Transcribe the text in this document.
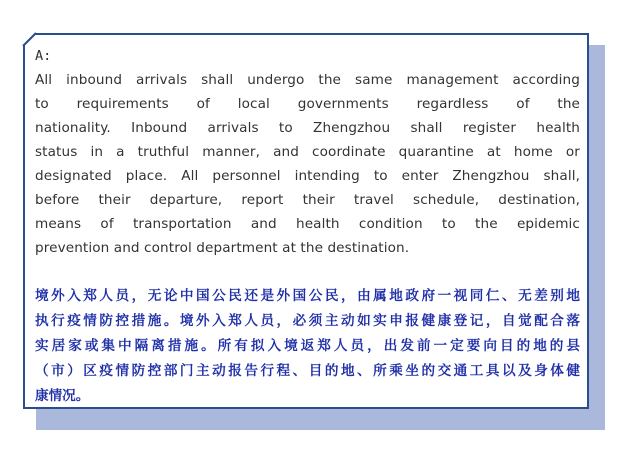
A:

All inbound arrivals shall undergo the same management according

to requirements of local governments regardless of the

nationality. Inbound arrivals to Zhengzhou shall register health

status in a truthful manner, and coordinate quarantine at home or

designated place. All personnel intending to enter Zhengzhou shall,

before their departure, report their travel schedule, destination,

means of transportation and health condition to the epidemic

prevention and control department at the destination.

境外入郑人员，无论中国公民还是外国公民，由属地政府一视同仁、无差别地

执行疫情防控措施。境外入郑人员，必须主动如实申报健康登记，自觉配合落

实居家或集中隔离措施。所有拟入境返郑人员，出发前一定要向目的地的县

（市）区疫情防控部门主动报告行程、目的地、所乘坐的交通工具以及身体健

康情况。
